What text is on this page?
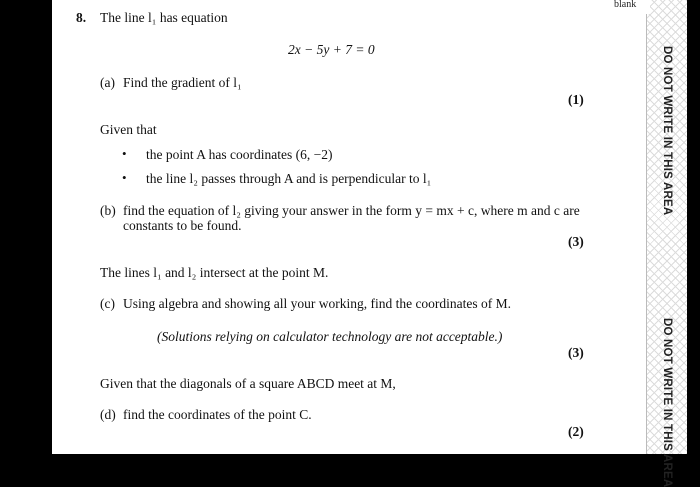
blank
DO NOT WRITE IN THIS AREA
DO NOT WRITE IN THIS AREA
8. The line l₁ has equation
2x − 5y + 7 = 0
(a) Find the gradient of l₁
(1)
Given that
• the point A has coordinates (6, −2)
• the line l₂ passes through A and is perpendicular to l₁
(b) find the equation of l₂ giving your answer in the form y = mx + c, where m and c are
constants to be found.
(3)
The lines l₁ and l₂ intersect at the point M.
(c) Using algebra and showing all your working, find the coordinates of M.
(Solutions relying on calculator technology are not acceptable.)
(3)
Given that the diagonals of a square ABCD meet at M,
(d) find the coordinates of the point C.
(2)
